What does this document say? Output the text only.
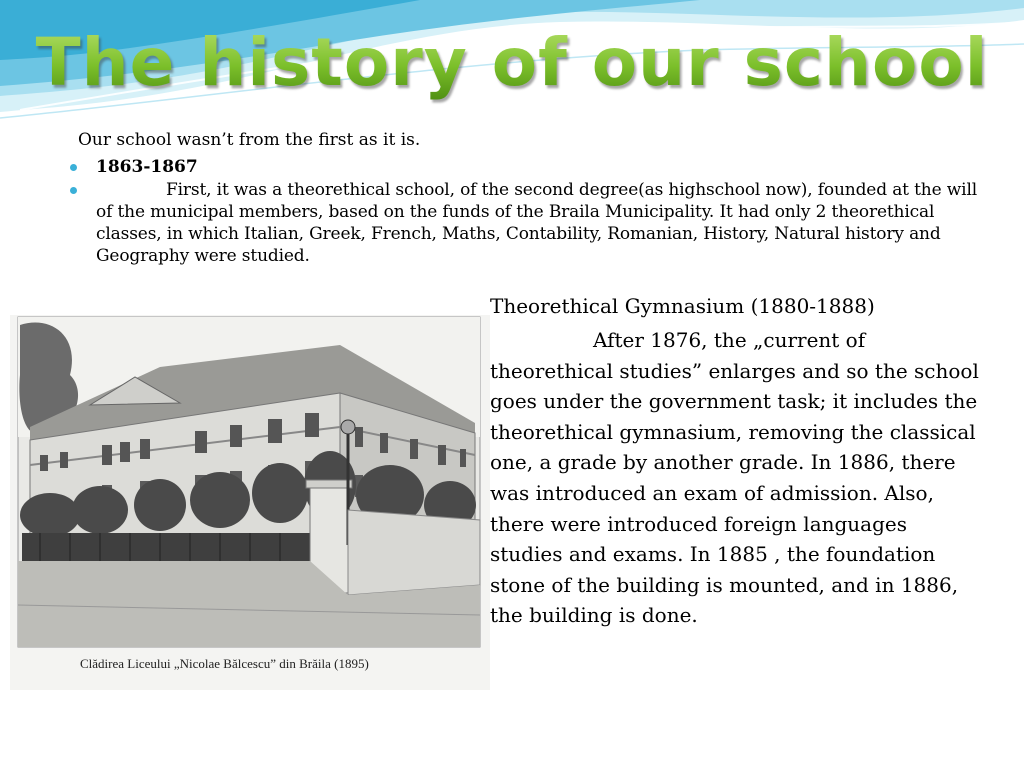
The history of our school
Our school wasn’t from the first as it is.
1863-1867
First, it was a theorethical school, of the second degree(as highschool now), founded at the will of the municipal members, based on the funds of the Braila Municipality. It had only 2 theorethical classes, in which Italian, Greek, French, Maths, Contability, Romanian, History, Natural history and Geography were studied.
Clădirea Liceului „Nicolae Bălcescu” din Brăila (1895)
Theorethical Gymnasium (1880-1888)
After 1876, the „current of theorethical studies” enlarges and so the school goes under the government task; it includes the theorethical gymnasium, removing the classical one, a grade by another grade. In 1886, there was introduced an exam of admission. Also, there were introduced foreign languages studies and exams. In 1885 , the foundation stone of the building is mounted, and in 1886, the building is done.
